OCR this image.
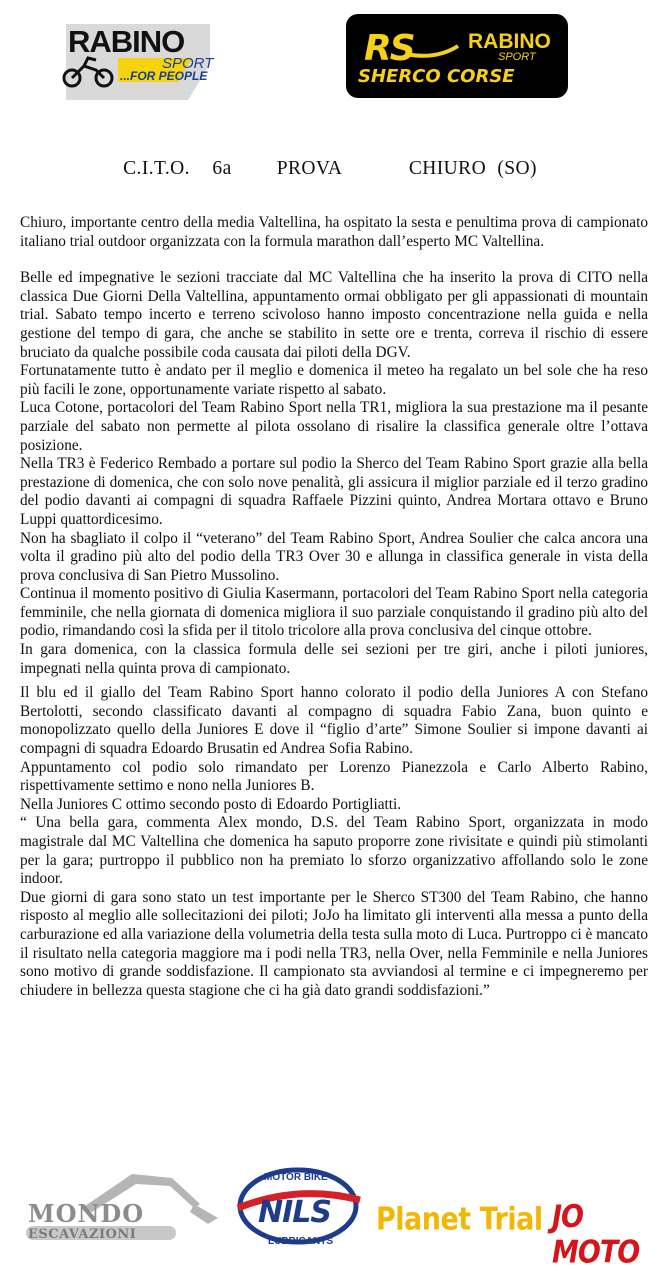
RABINO
SPORT
...FOR PEOPLE
RS	RABINO
SPORT
SHERCO CORSE
C.I.T.O.  6a    PROVA      CHIURO (SO)

Chiuro, importante centro della media Valtellina, ha ospitato la sesta e penultima prova di campionato italiano trial outdoor organizzata con la formula marathon dall’esperto MC Valtellina.

Belle ed impegnative le sezioni tracciate dal MC Valtellina che ha inserito la prova di CITO nella classica Due Giorni Della Valtellina, appuntamento ormai obbligato per gli appassionati di mountain trial. Sabato tempo incerto e terreno scivoloso hanno imposto concentrazione nella guida e nella gestione del tempo di gara, che anche se stabilito in sette ore e trenta, correva il rischio di essere bruciato da qualche possibile coda causata dai piloti della DGV.

Fortunatamente tutto è andato per il meglio e domenica il meteo ha regalato un bel sole che ha reso più facili le zone, opportunamente variate rispetto al sabato.

Luca Cotone, portacolori del Team Rabino Sport nella TR1, migliora la sua prestazione ma il pesante parziale del sabato non permette al pilota ossolano di risalire la classifica generale oltre l’ottava posizione.

Nella TR3 è Federico Rembado a portare sul podio la Sherco del Team Rabino Sport grazie alla bella prestazione di domenica, che con solo nove penalità, gli assicura il miglior parziale ed il terzo gradino del podio davanti ai compagni di squadra Raffaele Pizzini quinto, Andrea Mortara ottavo e Bruno Luppi quattordicesimo.

Non ha sbagliato il colpo il “veterano” del Team Rabino Sport, Andrea Soulier che calca ancora una volta il gradino più alto del podio della TR3 Over 30 e allunga in classifica generale in vista della prova conclusiva di San Pietro Mussolino.

Continua il momento positivo di Giulia Kasermann, portacolori del Team Rabino Sport nella categoria femminile, che nella giornata di domenica migliora il suo parziale conquistando il gradino più alto del podio, rimandando così la sfida per il titolo tricolore alla prova conclusiva del cinque ottobre.

In gara domenica, con la classica formula delle sei sezioni per tre giri, anche i piloti juniores, impegnati nella quinta prova di campionato.

Il blu ed il giallo del Team Rabino Sport hanno colorato il podio della Juniores A con Stefano Bertolotti, secondo classificato davanti al compagno di squadra Fabio Zana, buon quinto e monopolizzato quello della Juniores E dove il “figlio d’arte” Simone Soulier si impone davanti ai compagni di squadra Edoardo Brusatin ed Andrea Sofia Rabino.

Appuntamento col podio solo rimandato per Lorenzo Pianezzola e Carlo Alberto Rabino, rispettivamente settimo e nono nella Juniores B.

Nella Juniores C ottimo secondo posto di Edoardo Portigliatti.

“ Una bella gara, commenta Alex mondo, D.S. del Team Rabino Sport, organizzata in modo magistrale dal MC Valtellina che domenica ha saputo proporre zone rivisitate e quindi più stimolanti per la gara; purtroppo il pubblico non ha premiato lo sforzo organizzativo affollando solo le zone indoor.

Due giorni di gara sono stato un test importante per le Sherco ST300 del Team Rabino, che hanno risposto al meglio alle sollecitazioni dei piloti; JoJo ha limitato gli interventi alla messa a punto della carburazione ed alla variazione della volumetria della testa sulla moto di Luca. Purtroppo ci è mancato il risultato nella categoria maggiore ma i podi nella TR3, nella Over, nella Femminile e nella Juniores sono motivo di grande soddisfazione. Il campionato sta avviandosi al termine e ci impegneremo per chiudere in bellezza questa stagione che ci ha già dato grandi soddisfazioni.”

MONDO
ESCAVAZIONI
MOTOR BIKE
NILS
LUBRICANTS
Planet Trial JO MOTO
